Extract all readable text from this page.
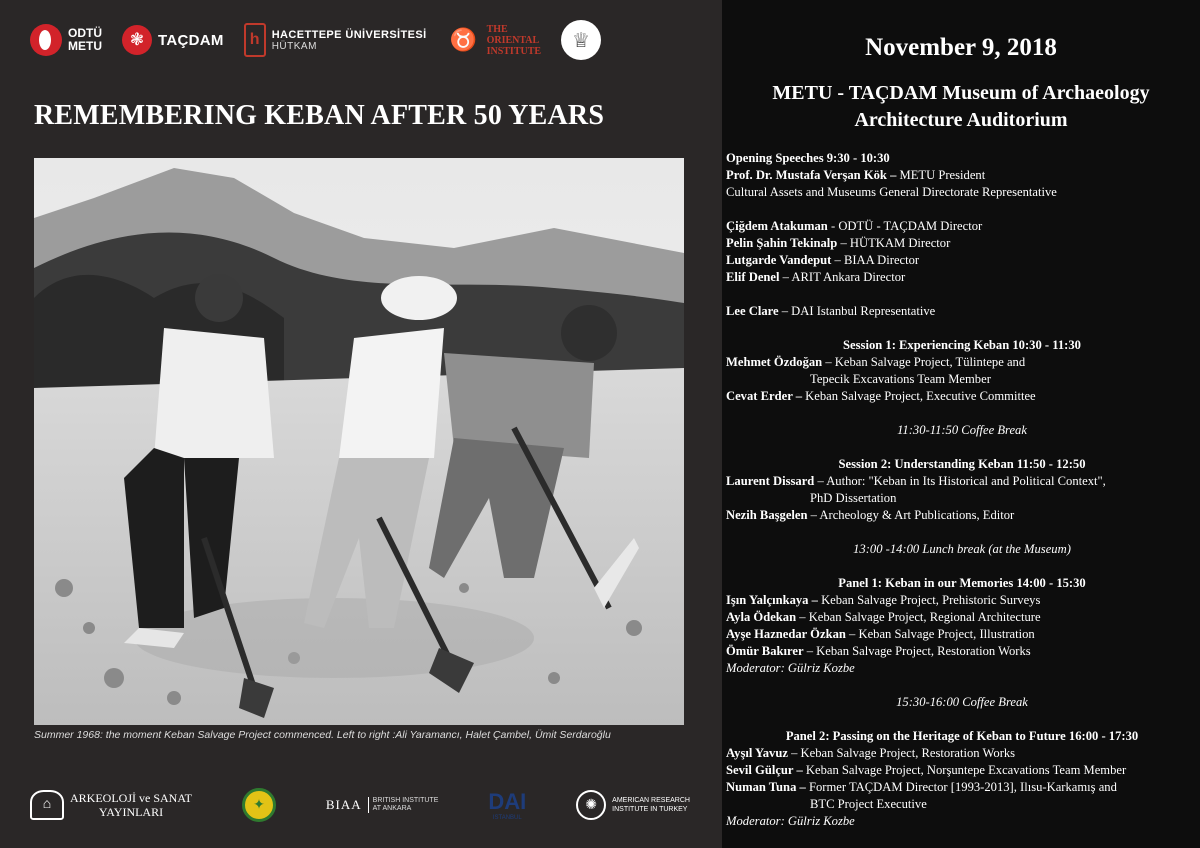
ODTÜ
METU	❃ TAÇDAM	h	HACETTEPE ÜNİVERSİTESİ
HÜTKAM	♉ THE
ORIENTAL
INSTITUTE	♕
REMEMBERING KEBAN AFTER 50 YEARS
Summer 1968: the moment Keban Salvage Project commenced. Left to right :Ali Yaramancı, Halet Çambel, Ümit Serdaroğlu
⌂	ARKEOLOJİ ve SANAT
YAYINLARI	✦	BIAA BRITISH INSTITUTE
AT ANKARA	DAI
ISTANBUL
✺	AMERICAN RESEARCH
INSTITUTE IN TURKEY
November 9, 2018
METU - TAÇDAM Museum of Archaeology
Architecture Auditorium
Opening Speeches 9:30 - 10:30
Prof. Dr. Mustafa Verşan Kök – METU President
Cultural Assets and Museums General Directorate Representative
Çiğdem Atakuman - ODTÜ - TAÇDAM Director
Pelin Şahin Tekinalp – HÜTKAM Director
Lutgarde Vandeput – BIAA Director
Elif Denel – ARIT Ankara Director
Lee Clare – DAI Istanbul Representative
Session 1: Experiencing Keban 10:30 - 11:30
Mehmet Özdoğan – Keban Salvage Project, Tülintepe and
Tepecik Excavations Team Member
Cevat Erder – Keban Salvage Project, Executive Committee
11:30-11:50 Coffee Break
Session 2: Understanding Keban 11:50 - 12:50
Laurent Dissard – Author: "Keban in Its Historical and Political Context",
PhD Dissertation
Nezih Başgelen – Archeology & Art Publications, Editor
13:00 -14:00 Lunch break (at the Museum)
Panel 1: Keban in our Memories 14:00 - 15:30
Işın Yalçınkaya – Keban Salvage Project, Prehistoric Surveys
Ayla Ödekan – Keban Salvage Project, Regional Architecture
Ayşe Haznedar Özkan – Keban Salvage Project, Illustration
Ömür Bakırer – Keban Salvage Project, Restoration Works
Moderator: Gülriz Kozbe
15:30-16:00 Coffee Break
Panel 2: Passing on the Heritage of Keban to Future 16:00 - 17:30
Ayşıl Yavuz – Keban Salvage Project, Restoration Works
Sevil Gülçur – Keban Salvage Project, Norşuntepe Excavations Team Member
Numan Tuna – Former TAÇDAM Director [1993-2013], Ilısu-Karkamış and
BTC Project Executive
Moderator: Gülriz Kozbe
